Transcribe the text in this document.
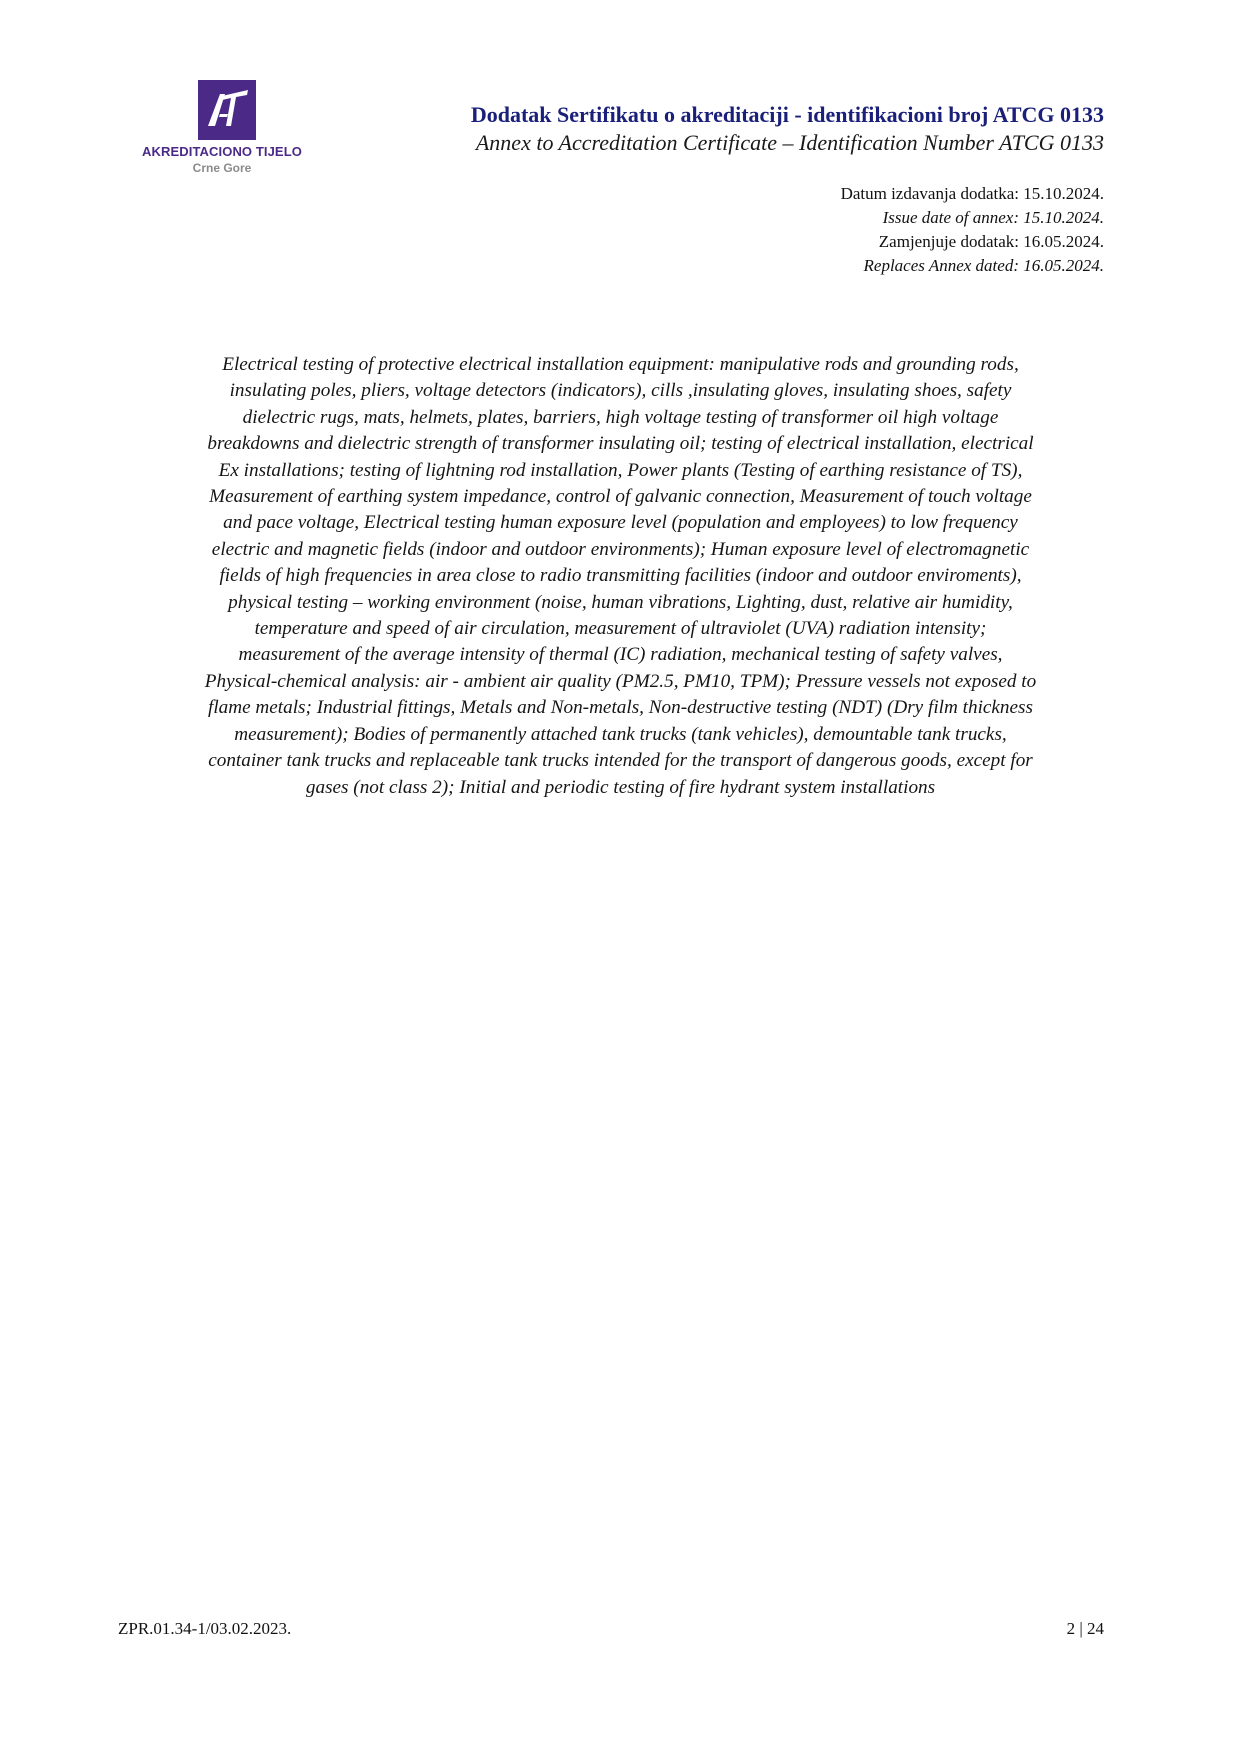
AKREDITACIONO TIJELO
Crne Gore
Dodatak Sertifikatu o akreditaciji - identifikacioni broj ATCG 0133
Annex to Accreditation Certificate – Identification Number ATCG 0133
Datum izdavanja dodatka: 15.10.2024.
Issue date of annex: 15.10.2024.
Zamjenjuje dodatak: 16.05.2024.
Replaces Annex dated: 16.05.2024.
Electrical testing of protective electrical installation equipment: manipulative rods and grounding rods,
insulating poles, pliers, voltage detectors (indicators), cills ,insulating gloves, insulating shoes, safety
dielectric rugs, mats, helmets, plates, barriers, high voltage testing of transformer oil high voltage
breakdowns and dielectric strength of transformer insulating oil; testing of electrical installation, electrical
Ex installations; testing of lightning rod installation, Power plants (Testing of earthing resistance of TS),
Measurement of earthing system impedance, control of galvanic connection, Measurement of touch voltage
and pace voltage, Electrical testing human exposure level (population and employees) to low frequency
electric and magnetic fields (indoor and outdoor environments); Human exposure level of electromagnetic
fields of high frequencies in area close to radio transmitting facilities (indoor and outdoor enviroments),
physical testing – working environment (noise, human vibrations, Lighting, dust, relative air humidity,
temperature and speed of air circulation, measurement of ultraviolet (UVA) radiation intensity;
measurement of the average intensity of thermal (IC) radiation, mechanical testing of safety valves,
Physical-chemical analysis: air - ambient air quality (PM2.5, PM10, TPM); Pressure vessels not exposed to
flame metals; Industrial fittings, Metals and Non-metals, Non-destructive testing (NDT) (Dry film thickness
measurement); Bodies of permanently attached tank trucks (tank vehicles), demountable tank trucks,
container tank trucks and replaceable tank trucks intended for the transport of dangerous goods, except for
gases (not class 2); Initial and periodic testing of fire hydrant system installations
ZPR.01.34-1/03.02.2023.	2 | 24
